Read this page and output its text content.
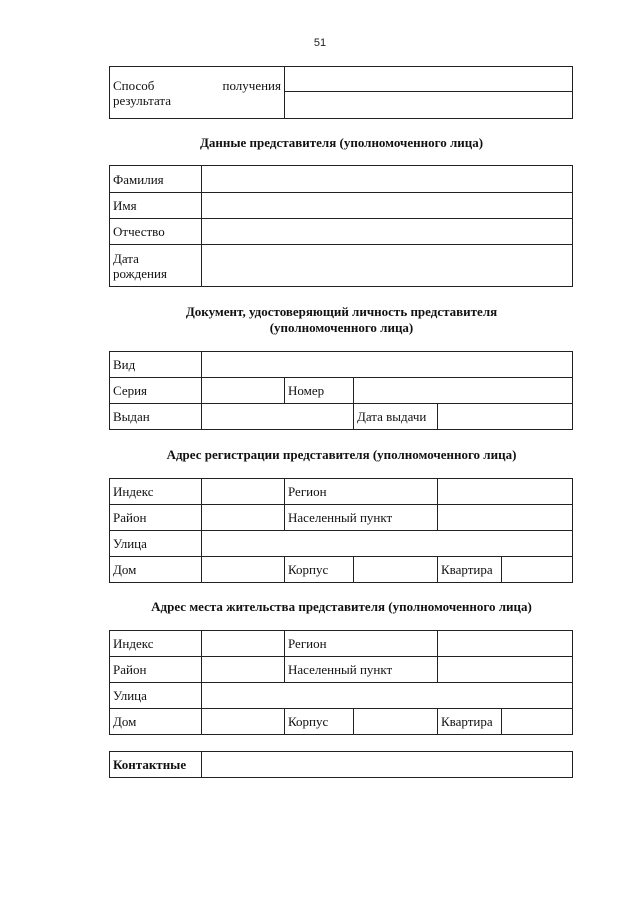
51
Способ	получения
результата

Данные представителя (уполномоченного лица)
Фамилия	
Имя	
Отчество	

Дата
рождения	

Документ, удостоверяющий личность представителя
(уполномоченного лица)
Вид				
Серия		Номер		
Выдан			Дата выдачи	
Адрес регистрации представителя (уполномоченного лица)
Индекс		Регион			
Район		Населенный пункт			
Улица					
Дом		Корпус		Квартира	
Адрес места жительства представителя (уполномоченного лица)
Индекс		Регион			
Район		Населенный пункт			
Улица					
Дом		Корпус		Квартира	
Контактные	
